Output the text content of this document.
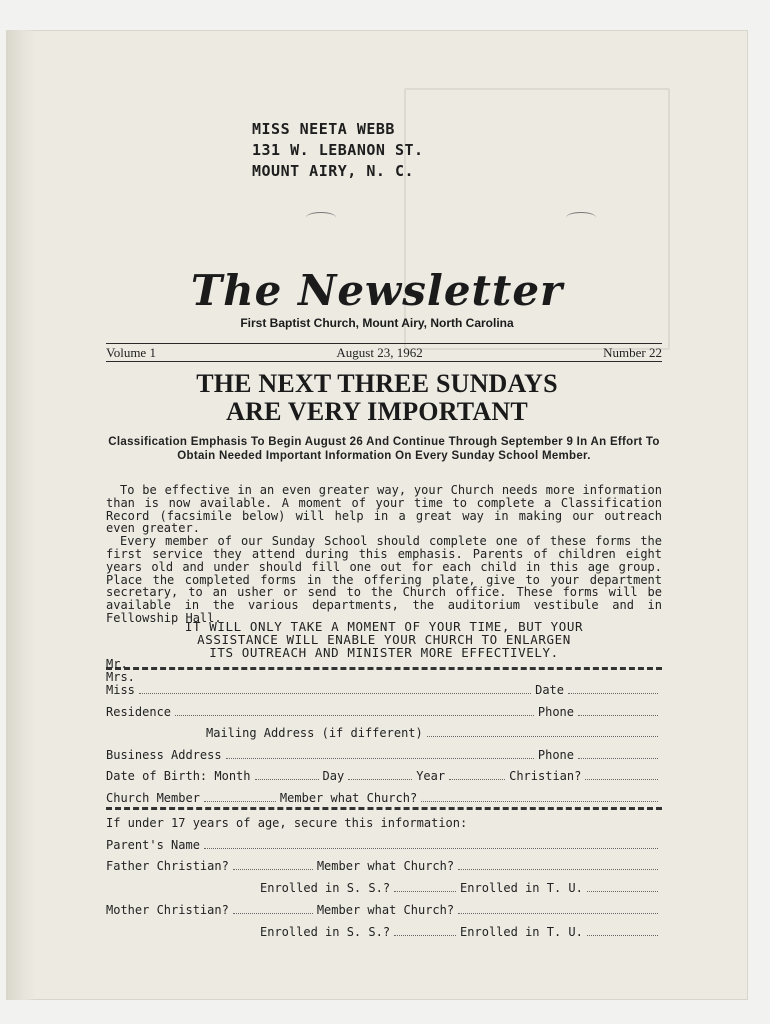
MISS NEETA WEBB
131 W. LEBANON ST.
MOUNT AIRY, N. C.
The Newsletter
First Baptist Church, Mount Airy, North Carolina
Volume 1	August 23, 1962	Number 22
THE NEXT THREE SUNDAYS
ARE VERY IMPORTANT
Classification Emphasis To Begin August 26 And Continue Through September 9 In An Effort To Obtain Needed Important Information On Every Sunday School Member.

To be effective in an even greater way, your Church needs more information than is now available. A moment of your time to complete a Classification Record (facsimile below) will help in a great way in making our outreach even greater.

Every member of our Sunday School should complete one of these forms the first service they attend during this emphasis. Parents of children eight years old and under should fill one out for each child in this age group. Place the completed forms in the offering plate, give to your department secretary, to an usher or send to the Church office. These forms will be available in the various departments, the auditorium vestibule and in Fellowship Hall.

IT WILL ONLY TAKE A MOMENT OF YOUR TIME, BUT YOUR
ASSISTANCE WILL ENABLE YOUR CHURCH TO ENLARGEN
ITS OUTREACH AND MINISTER MORE EFFECTIVELY.
Mr.
Mrs.
Miss	Date
Residence	Phone
Mailing Address (if different)
Business Address	Phone
Date of Birth: Month	Day	Year	Christian?
Church Member	Member what Church?
If under 17 years of age, secure this information:
Parent's Name
Father Christian?	Member what Church?
Enrolled in S. S.?	Enrolled in T. U.
Mother Christian?	Member what Church?
Enrolled in S. S.?	Enrolled in T. U.
